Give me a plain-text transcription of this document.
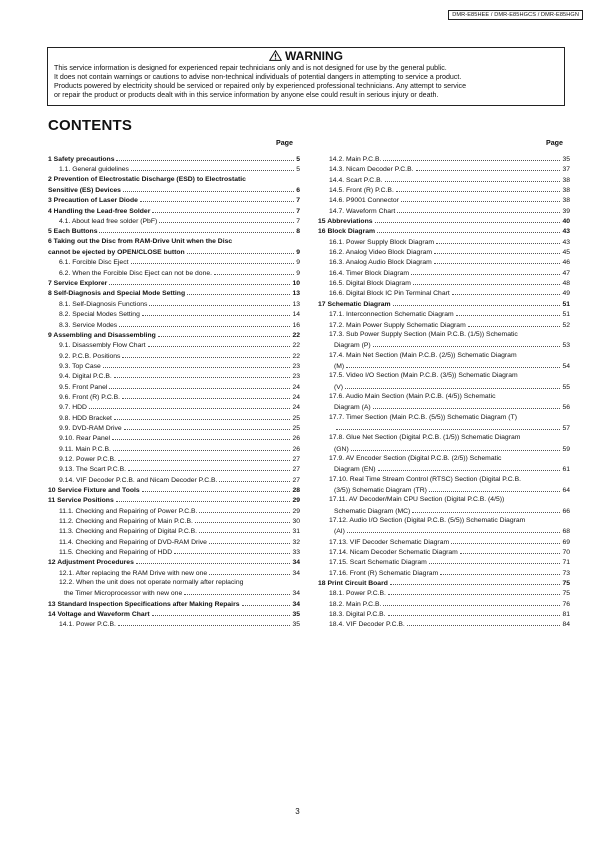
DMR-E85HEE / DMR-E85HGCS / DMR-E85HGN
WARNING
This service information is designed for experienced repair technicians only and is not designed for use by the general public.
It does not contain warnings or cautions to advise non-technical individuals of potential dangers in attempting to service a product.
Products powered by electricity should be serviced or repaired only by experienced professional technicians. Any attempt to service
or repair the product or products dealt with in this service information by anyone else could result in serious injury or death.
CONTENTS
Page	Page
1 Safety precautions	5
1.1. General guidelines	5
2 Prevention of Electrostatic Discharge (ESD) to Electrostatic
Sensitive (ES) Devices	6
3 Precaution of Laser Diode	7
4 Handling the Lead-free Solder	7
4.1. About lead free solder (PbF)	7
5 Each Buttons	8
6 Taking out the Disc from RAM-Drive Unit when the Disc
cannot be ejected by OPEN/CLOSE button	9
6.1. Forcible Disc Eject	9
6.2. When the Forcible Disc Eject can not be done.	9
7 Service Explorer	10
8 Self-Diagnosis and Special Mode Setting	13
8.1. Self-Diagnosis Functions	13
8.2. Special Modes Setting	14
8.3. Service Modes	16
9 Assembling and Disassembling	22
9.1. Disassembly Flow Chart	22
9.2. P.C.B. Positions	22
9.3. Top Case	23
9.4. Digital P.C.B.	23
9.5. Front Panel	24
9.6. Front (R) P.C.B.	24
9.7. HDD	24
9.8. HDD Bracket	25
9.9. DVD-RAM Drive	25
9.10. Rear Panel	26
9.11. Main P.C.B.	26
9.12. Power P.C.B.	27
9.13. The Scart P.C.B.	27
9.14. VIF Decoder P.C.B. and Nicam Decoder P.C.B.	27
10 Service Fixture and Tools	28
11 Service Positions	29
11.1. Checking and Repairing of Power P.C.B.	29
11.2. Checking and Repairing of Main P.C.B.	30
11.3. Checking and Repairing of Digital P.C.B.	31
11.4. Checking and Repairing of DVD-RAM Drive	32
11.5. Checking and Repairing of HDD	33
12 Adjustment Procedures	34
12.1. After replacing the RAM Drive with new one	34
12.2. When the unit does not operate normally after replacing
the Timer Microprocessor with new one	34
13 Standard Inspection Specifications after Making Repairs	34
14 Voltage and Waveform Chart	35
14.1. Power P.C.B.	35
14.2. Main P.C.B.	35
14.3. Nicam Decoder P.C.B.	37
14.4. Scart P.C.B.	38
14.5. Front (R) P.C.B.	38
14.6. P9001 Connector	38
14.7. Waveform Chart	39
15 Abbreviations	40
16 Block Diagram	43
16.1. Power Supply Block Diagram	43
16.2. Analog Video Block Diagram	45
16.3. Analog Audio Block Diagram	46
16.4. Timer Block Diagram	47
16.5. Digital Block Diagram	48
16.6. Digital Block IC Pin Terminal Chart	49
17 Schematic Diagram	51
17.1. Interconnection Schematic Diagram	51
17.2. Main Power Supply Schematic Diagram	52
17.3. Sub Power Supply Section (Main P.C.B. (1/5)) Schematic
Diagram (P)	53
17.4. Main Net Section (Main P.C.B. (2/5)) Schematic Diagram
(M)	54
17.5. Video I/O Section (Main P.C.B. (3/5)) Schematic Diagram
(V)	55
17.6. Audio Main Section (Main P.C.B. (4/5)) Schematic
Diagram (A)	56
17.7. Timer Section (Main P.C.B. (5/5)) Schematic Diagram (T)
57
17.8. Glue Net Section (Digital P.C.B. (1/5)) Schematic Diagram
(GN)	59
17.9. AV Encoder Section (Digital P.C.B. (2/5)) Schematic
Diagram (EN)	61
17.10. Real Time Stream Control (RTSC) Section (Digital P.C.B.
(3/5)) Schematic Diagram (TR)	64
17.11. AV Decoder/Main CPU Section (Digital P.C.B. (4/5))
Schematic Diagram (MC)	66
17.12. Audio I/O Section (Digital P.C.B. (5/5)) Schematic Diagram
(AI)	68
17.13. VIF Decoder Schematic Diagram	69
17.14. Nicam Decoder Schematic Diagram	70
17.15. Scart Schematic Diagram	71
17.16. Front (R) Schematic Diagram	73
18 Print Circuit Board	75
18.1. Power P.C.B.	75
18.2. Main P.C.B.	76
18.3. Digital P.C.B.	81
18.4. VIF Decoder P.C.B.	84
3
